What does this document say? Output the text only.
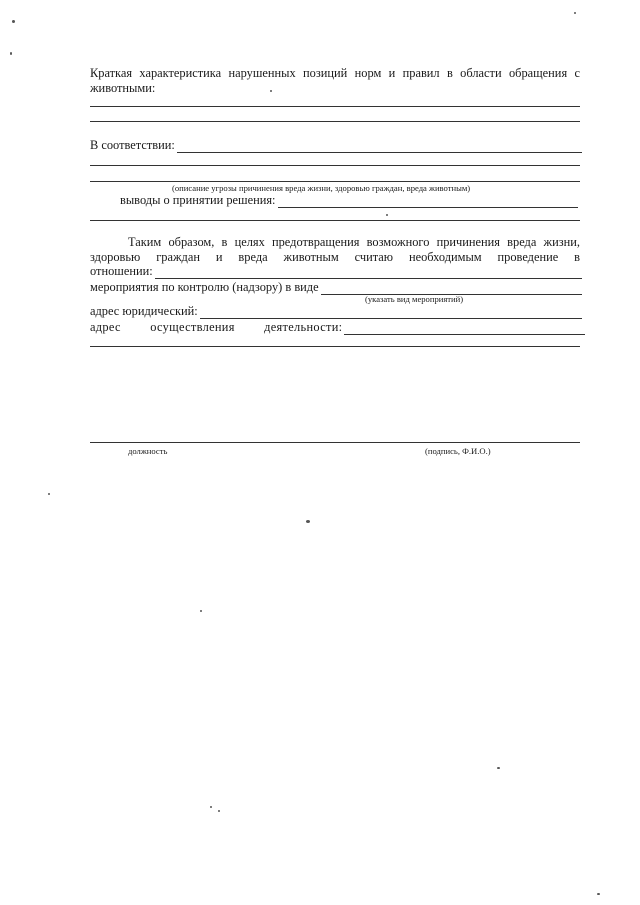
Краткая характеристика нарушенных позиций норм и правил в области обращения с животными:
В соответствии:
(описание угрозы причинения вреда жизни, здоровью граждан, вреда животным)
выводы о принятии решения:
Таким образом, в целях предотвращения возможного причинения вреда жизни,
здоровью граждан и вреда животным считаю необходимым проведение в
отношении:
мероприятия по контролю (надзору) в виде
(указать вид мероприятий)
адрес юридический:
адрес осуществления деятельности:
должность	(подпись, Ф.И.О.)
